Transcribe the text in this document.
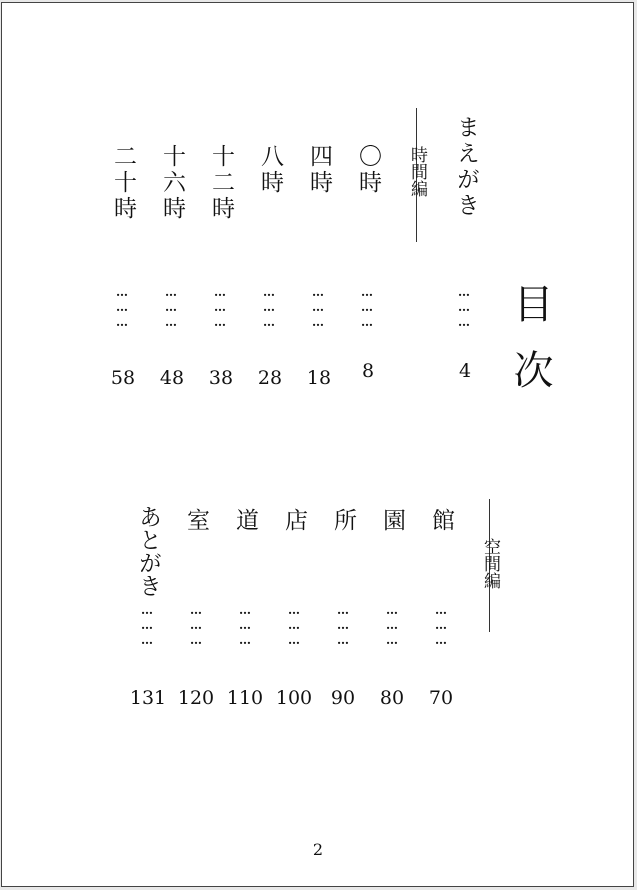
目次
時間編 まえがき
〇時
四時
八時
十二時
十六時
二十時
………
………
………
………
………
………
………
4
8
18
28
38
48
58
空間編
館
園
所
店
道
室
あとがき
………
………
………
………
………
………
………
70
80
90
100
110
120
131
2
